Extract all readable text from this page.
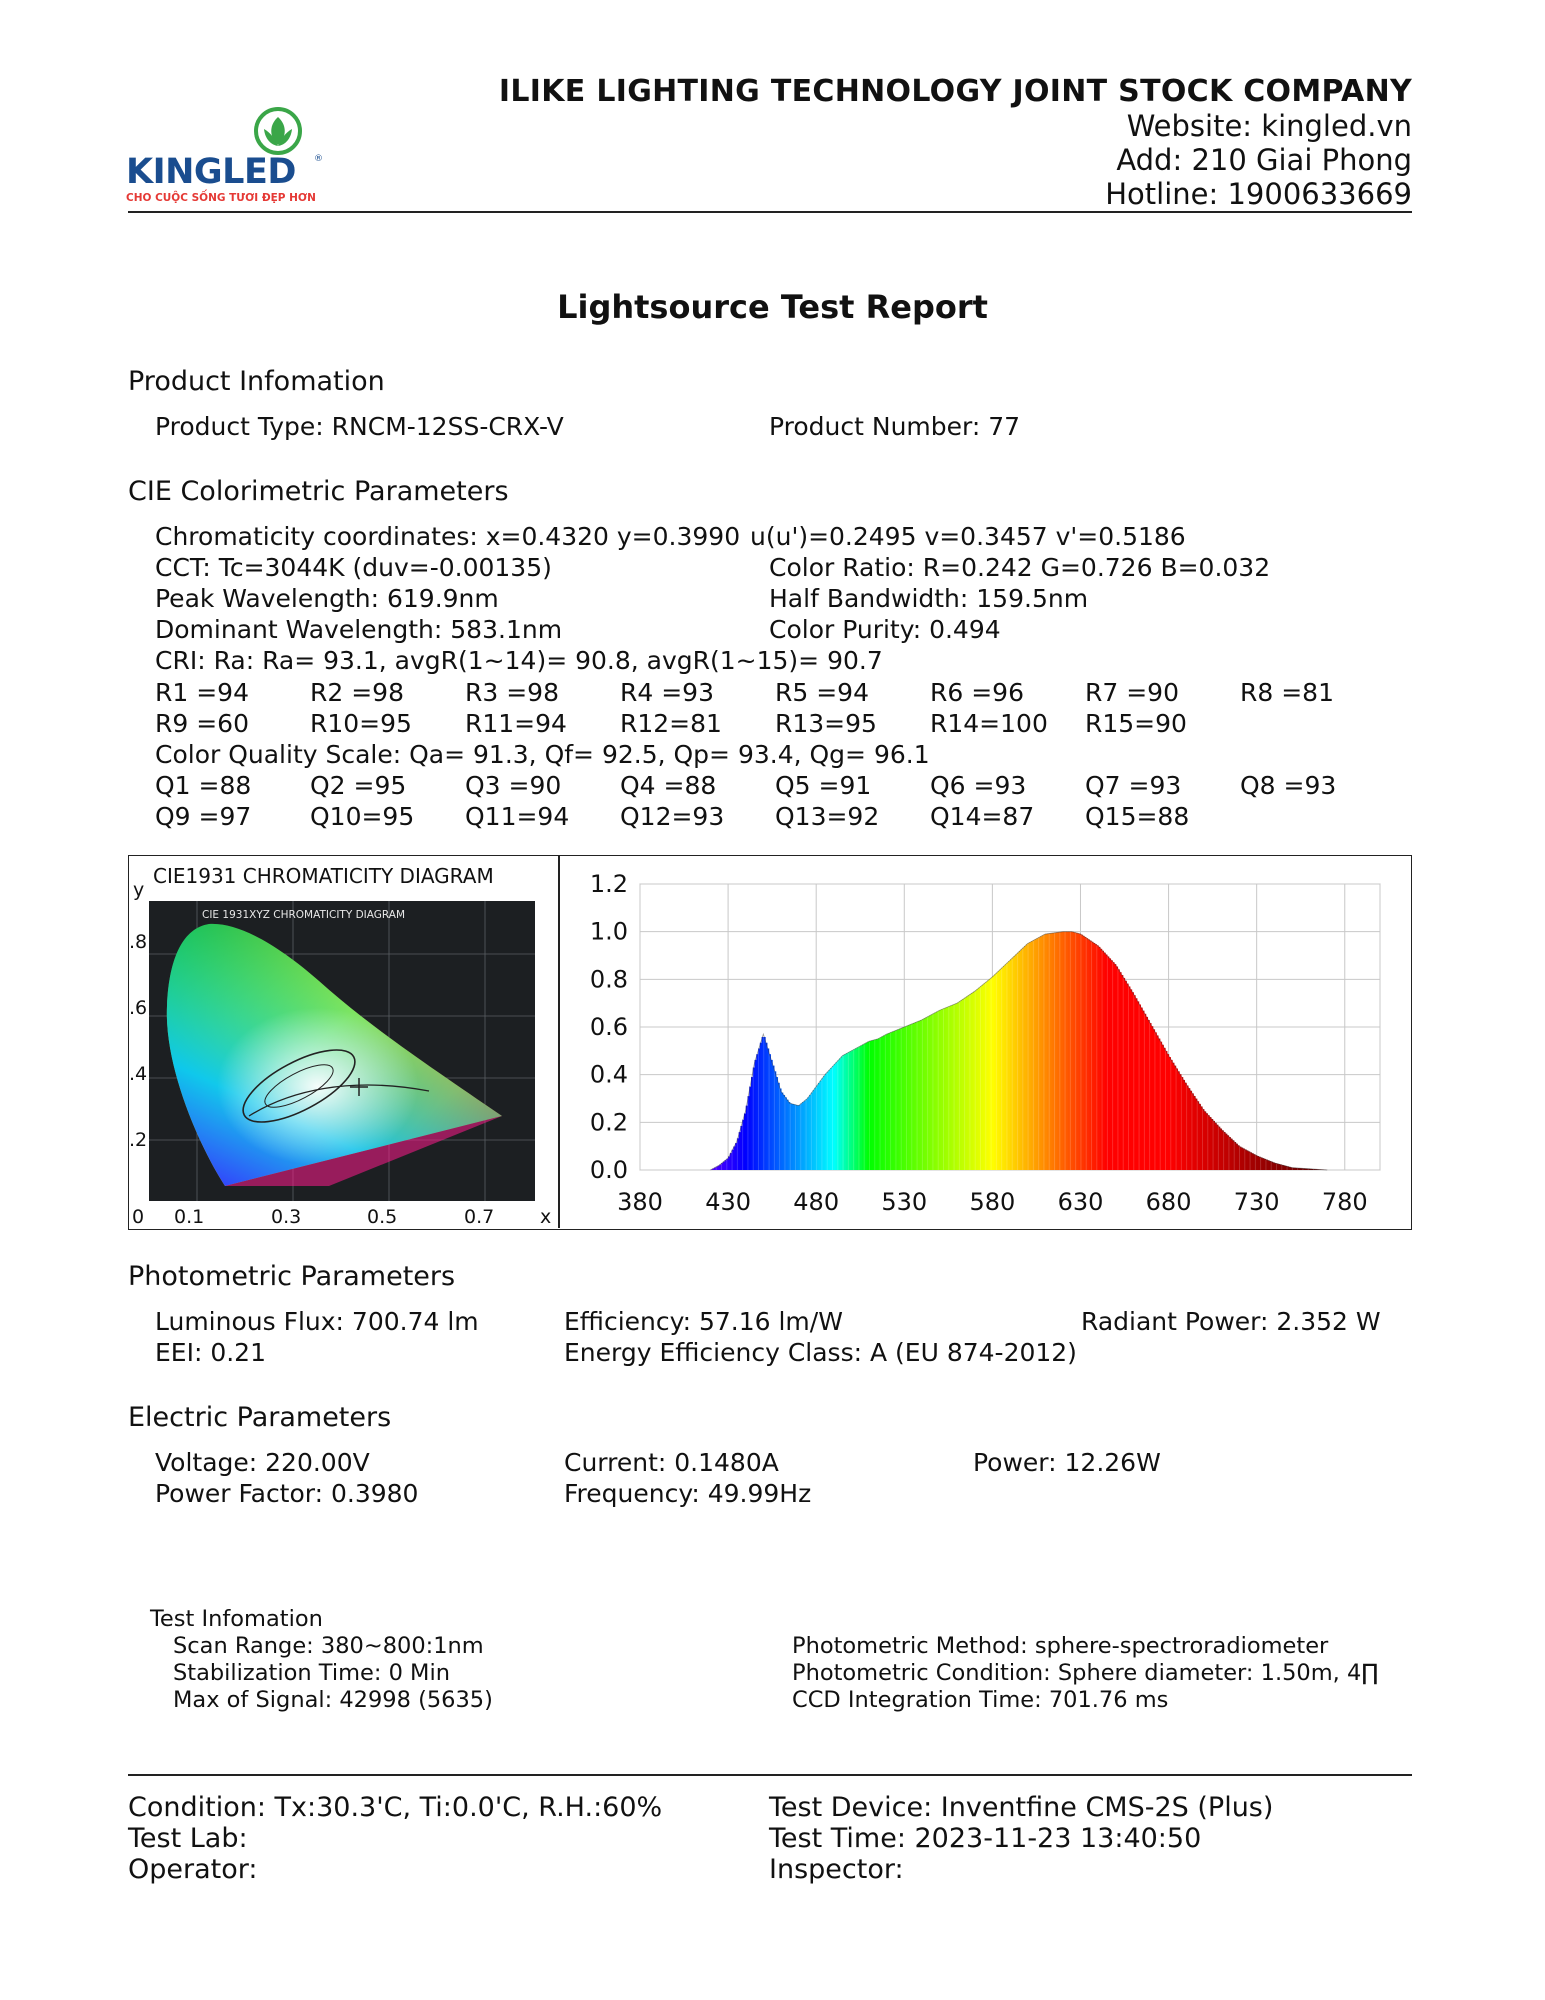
KINGLED ®
CHO CUỘC SỐNG TƯƠI ĐẸP HƠN
ILIKE LIGHTING TECHNOLOGY JOINT STOCK COMPANY
Website: kingled.vn
Add: 210 Giai Phong
Hotline: 1900633669
Lightsource Test Report
Product Infomation
Product Type: RNCM-12SS-CRX-V	Product Number: 77
CIE Colorimetric Parameters
Chromaticity coordinates: x=0.4320 y=0.3990 u(u')=0.2495 v=0.3457 v'=0.5186
CCT: Tc=3044K (duv=-0.00135)	Color Ratio: R=0.242 G=0.726 B=0.032
Peak Wavelength: 619.9nm	Half Bandwidth: 159.5nm
Dominant Wavelength: 583.1nm	Color Purity: 0.494
CRI: Ra: Ra= 93.1, avgR(1~14)= 90.8, avgR(1~15)= 90.7
R1 =94 R2 =98 R3 =98 R4 =93 R5 =94 R6 =96 R7 =90 R8 =81
R9 =60 R10=95 R11=94 R12=81 R13=95 R14=100 R15=90
Color Quality Scale: Qa= 91.3, Qf= 92.5, Qp= 93.4, Qg= 96.1
Q1 =88 Q2 =95 Q3 =90 Q4 =88 Q5 =91 Q6 =93 Q7 =93 Q8 =93
Q9 =97 Q10=95 Q11=94 Q12=93 Q13=92 Q14=87 Q15=88
CIE1931 CHROMATICITY DIAGRAM
y
.8
.6
.4
.2
CIE 1931XYZ CHROMATICITY DIAGRAM
0 0.1	0.3	0.5	0.7 x
0.0
0.2
0.4
0.6
0.8
1.0
1.2
380 430 480 530 580 630 680 730 780
Photometric Parameters
Luminous Flux: 700.74 lm	Efficiency: 57.16 lm/W	Radiant Power: 2.352 W
EEI: 0.21	Energy Efficiency Class: A (EU 874-2012)
Electric Parameters
Voltage: 220.00V	Current: 0.1480A	Power: 12.26W
Power Factor: 0.3980	Frequency: 49.99Hz
Test Infomation
Scan Range: 380~800:1nm
Stabilization Time: 0 Min
Max of Signal: 42998 (5635)
Photometric Method: sphere-spectroradiometer
Photometric Condition: Sphere diameter: 1.50m, 4∏
CCD Integration Time: 701.76 ms
Condition: Tx:30.3'C, Ti:0.0'C, R.H.:60%	Test Device: Inventfine CMS-2S (Plus)
Test Lab:	Test Time: 2023-11-23 13:40:50
Operator:	Inspector:
